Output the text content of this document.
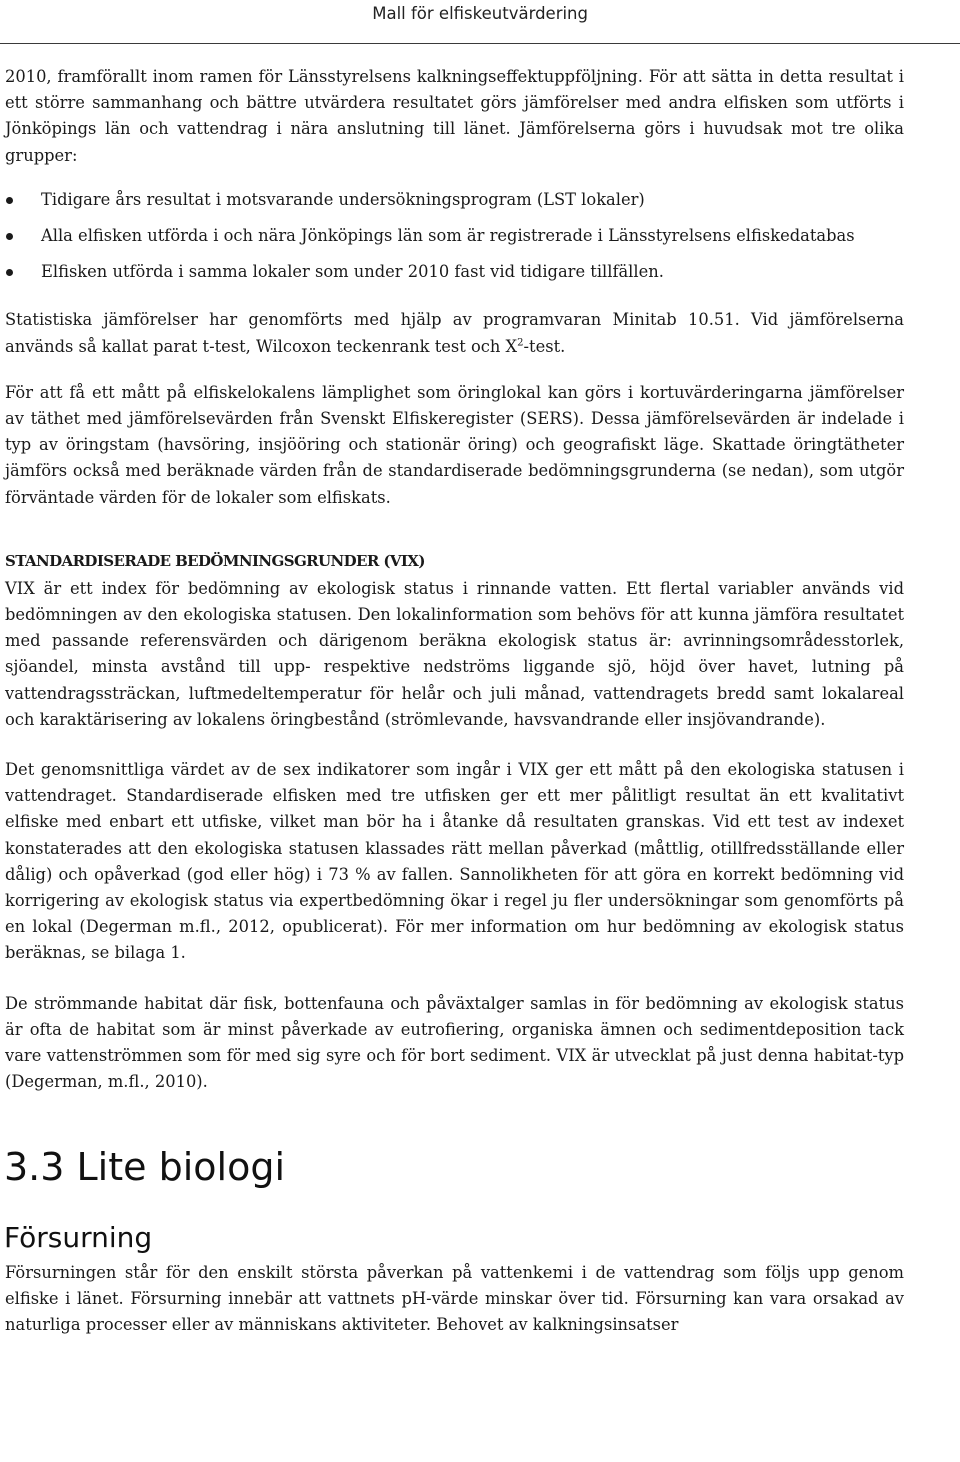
Mall för elfiskeutvärdering

2010, framförallt inom ramen för Länsstyrelsens kalkningseffektuppföljning. För att sätta in detta resultat i ett större sammanhang och bättre utvärdera resultatet görs jämförelser med andra elfisken som utförts i Jönköpings län och vattendrag i nära anslutning till länet. Jämförelserna görs i huvudsak mot tre olika grupper:

Tidigare års resultat i motsvarande undersökningsprogram (LST lokaler)
Alla elfisken utförda i och nära Jönköpings län som är registrerade i Länsstyrelsens elfiskedatabas
Elfisken utförda i samma lokaler som under 2010 fast vid tidigare tillfällen.

Statistiska jämförelser har genomförts med hjälp av programvaran Minitab 10.51. Vid jämförelserna används så kallat parat t-test, Wilcoxon teckenrank test och $X^2$-test.

För att få ett mått på elfiskelokalens lämplighet som öringlokal kan görs i kortuvärderingarna jämförelser av täthet med jämförelsevärden från Svenskt Elfiskeregister (SERS). Dessa jämförelsevärden är indelade i typ av öringstam (havsöring, insjööring och stationär öring) och geografiskt läge. Skattade öringtätheter jämförs också med beräknade värden från de standardiserade bedömningsgrunderna (se nedan), som utgör förväntade värden för de lokaler som elfiskats.

STANDARDISERADE BEDÖMNINGSGRUNDER (VIX)

VIX är ett index för bedömning av ekologisk status i rinnande vatten. Ett flertal variabler används vid bedömningen av den ekologiska statusen. Den lokalinformation som behövs för att kunna jämföra resultatet med passande referensvärden och därigenom beräkna ekologisk status är: avrinningsområdesstorlek, sjöandel, minsta avstånd till upp- respektive nedströms liggande sjö, höjd över havet, lutning på vattendragssträckan, luftmedeltemperatur för helår och juli månad, vattendragets bredd samt lokalareal och karaktärisering av lokalens öringbestånd (strömlevande, havsvandrande eller insjövandrande).

Det genomsnittliga värdet av de sex indikatorer som ingår i VIX ger ett mått på den ekologiska statusen i vattendraget. Standardiserade elfisken med tre utfisken ger ett mer pålitligt resultat än ett kvalitativt elfiske med enbart ett utfiske, vilket man bör ha i åtanke då resultaten granskas. Vid ett test av indexet konstaterades att den ekologiska statusen klassades rätt mellan påverkad (måttlig, otillfredsställande eller dålig) och opåverkad (god eller hög) i 73 % av fallen. Sannolikheten för att göra en korrekt bedömning vid korrigering av ekologisk status via expertbedömning ökar i regel ju fler undersökningar som genomförts på en lokal (Degerman m.fl., 2012, opublicerat). För mer information om hur bedömning av ekologisk status beräknas, se bilaga 1.

De strömmande habitat där fisk, bottenfauna och påväxtalger samlas in för bedömning av ekologisk status är ofta de habitat som är minst påverkade av eutrofiering, organiska ämnen och sedimentdeposition tack vare vattenströmmen som för med sig syre och för bort sediment. VIX är utvecklat på just denna habitat-typ (Degerman, m.fl., 2010).

3.3 Lite biologi
Försurning

Försurningen står för den enskilt största påverkan på vattenkemi i de vattendrag som följs upp genom elfiske i länet. Försurning innebär att vattnets pH-värde minskar över tid. Försurning kan vara orsakad av naturliga processer eller av människans aktiviteter. Behovet av kalkningsinsatser
